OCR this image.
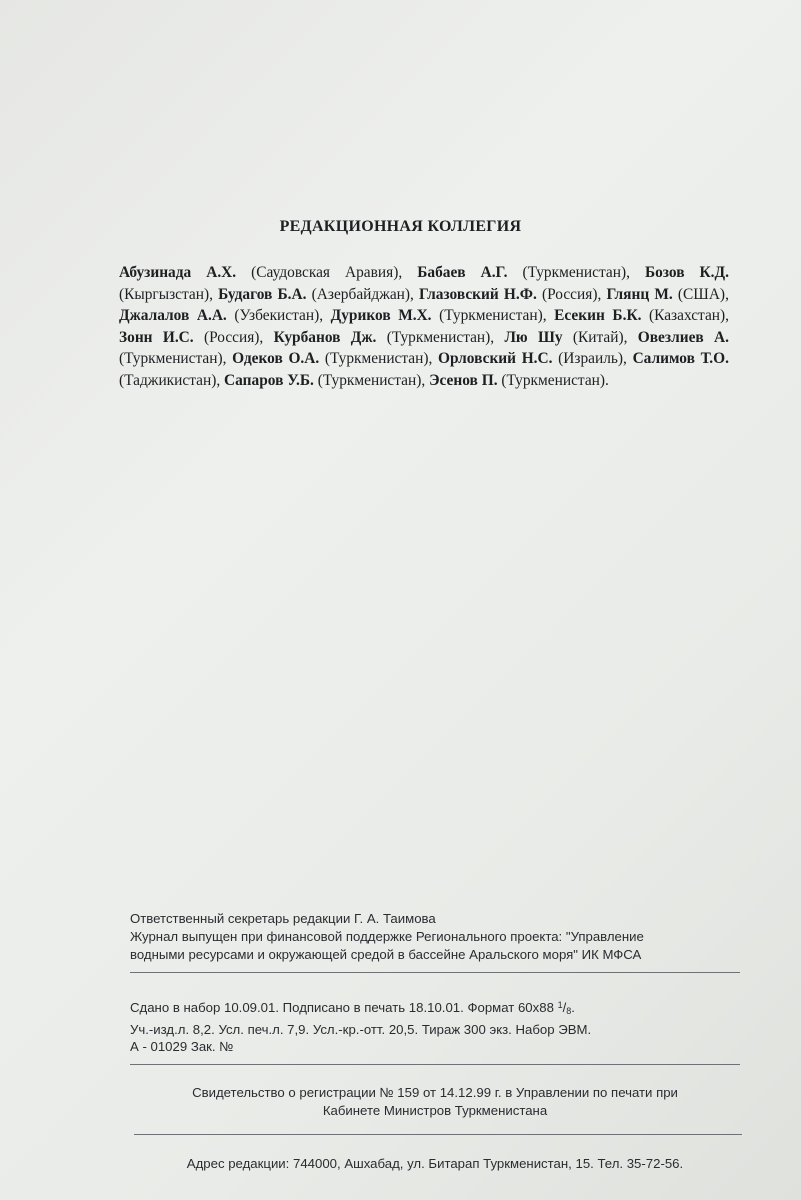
РЕДАКЦИОННАЯ КОЛЛЕГИЯ
Абузинада А.Х. (Саудовская Аравия), Бабаев А.Г. (Туркменистан), Бозов К.Д. (Кыргызстан), Будагов Б.А. (Азербайджан), Глазовский Н.Ф. (Россия), Глянц М. (США), Джалалов А.А. (Узбекистан), Дуриков М.Х. (Туркменистан), Есекин Б.К. (Казахстан), Зонн И.С. (Россия), Курбанов Дж. (Туркменистан), Лю Шу (Китай), Овезлиев А. (Туркменистан), Одеков О.А. (Туркменистан), Орловский Н.С. (Израиль), Салимов Т.О. (Таджикистан), Сапаров У.Б. (Туркменистан), Эсенов П. (Туркменистан).
Ответственный секретарь редакции Г. А. Таимова
Журнал выпущен при финансовой поддержке Регионального проекта: "Управление
водными ресурсами и окружающей средой в бассейне Аральского моря" ИК МФСА
Сдано в набор 10.09.01. Подписано в печать 18.10.01. Формат 60х88 $^1$/8.
Уч.-изд.л. 8,2. Усл. печ.л. 7,9. Усл.-кр.-отт. 20,5. Тираж 300 экз. Набор ЭВМ.
А - 01029 Зак. №
Свидетельство о регистрации № 159 от 14.12.99 г. в Управлении по печати при
Кабинете Министров Туркменистана
Адрес редакции: 744000, Ашхабад, ул. Битарап Туркменистан, 15. Тел. 35-72-56.
